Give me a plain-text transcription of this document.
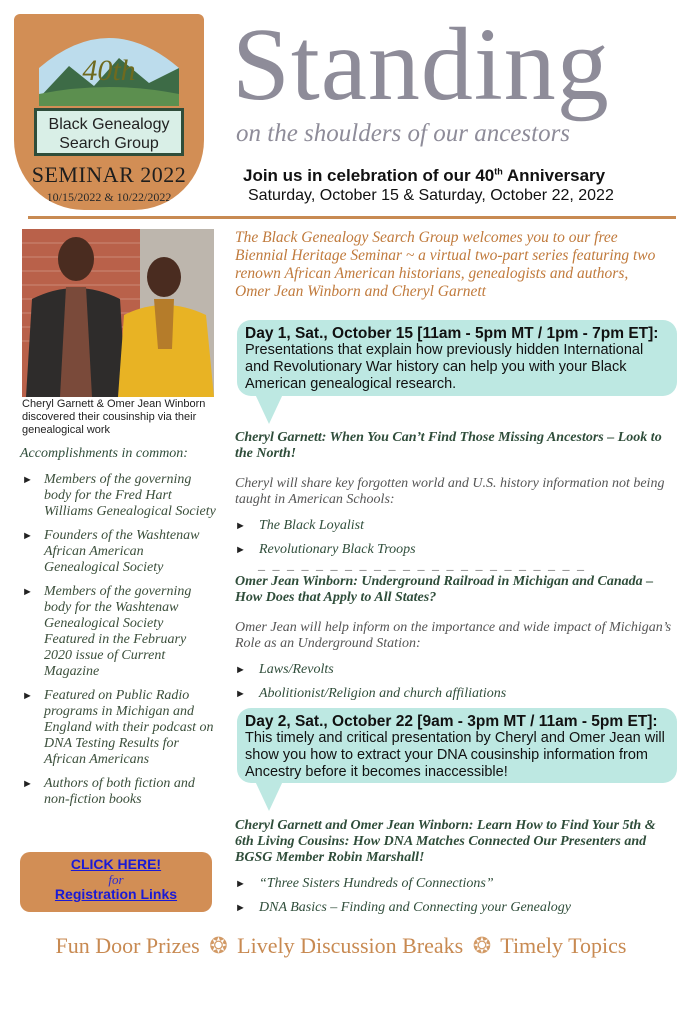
40th
Black Genealogy
Search Group
SEMINAR 2022
10/15/2022 & 10/22/2022
Standing
on the shoulders of our ancestors
Join us in celebration of our 40th Anniversary
Saturday, October 15 & Saturday, October 22, 2022
Cheryl Garnett & Omer Jean Winborn discovered their cousinship via their genealogical work
Accomplishments in common:
► Members of the governing body for the Fred Hart Williams Genealogical Society
► Founders of the Washtenaw African American Genealogical Society
► Members of the governing body for the Washtenaw Genealogical Society Featured in the February 2020 issue of Current Magazine
► Featured on Public Radio programs in Michigan and England with their podcast on DNA Testing Results for African Americans
► Authors of both fiction and non-fiction books
CLICK HERE!
for
Registration Links
The Black Genealogy Search Group welcomes you to our free Biennial Heritage Seminar ~ a virtual two-part series featuring two renown African American historians, genealogists and authors, Omer Jean Winborn and Cheryl Garnett
Day 1, Sat., October 15 [11am - 5pm MT / 1pm - 7pm ET]:
Presentations that explain how previously hidden International and Revolutionary War history can help you with your Black American genealogical research.
Cheryl Garnett: When You Can’t Find Those Missing Ancestors – Look to the North!
Cheryl will share key forgotten world and U.S. history information not being taught in American Schools:
► The Black Loyalist
► Revolutionary Black Troops
_ _ _ _ _ _ _ _ _ _ _ _ _ _ _ _ _ _ _ _ _ _ _
Omer Jean Winborn: Underground Railroad in Michigan and Canada – How Does that Apply to All States?
Omer Jean will help inform on the importance and wide impact of Michigan’s Role as an Underground Station:
► Laws/Revolts
► Abolitionist/Religion and church affiliations
Day 2, Sat., October 22 [9am - 3pm MT / 11am - 5pm ET]:
This timely and critical presentation by Cheryl and Omer Jean will show you how to extract your DNA cousinship information from Ancestry before it becomes inaccessible!
Cheryl Garnett and Omer Jean Winborn: Learn How to Find Your 5th & 6th Living Cousins: How DNA Matches Connected Our Presenters and BGSG Member Robin Marshall!
► “Three Sisters Hundreds of Connections”
► DNA Basics – Finding and Connecting your Genealogy
Fun Door Prizes ❂ Lively Discussion Breaks ❂ Timely Topics
